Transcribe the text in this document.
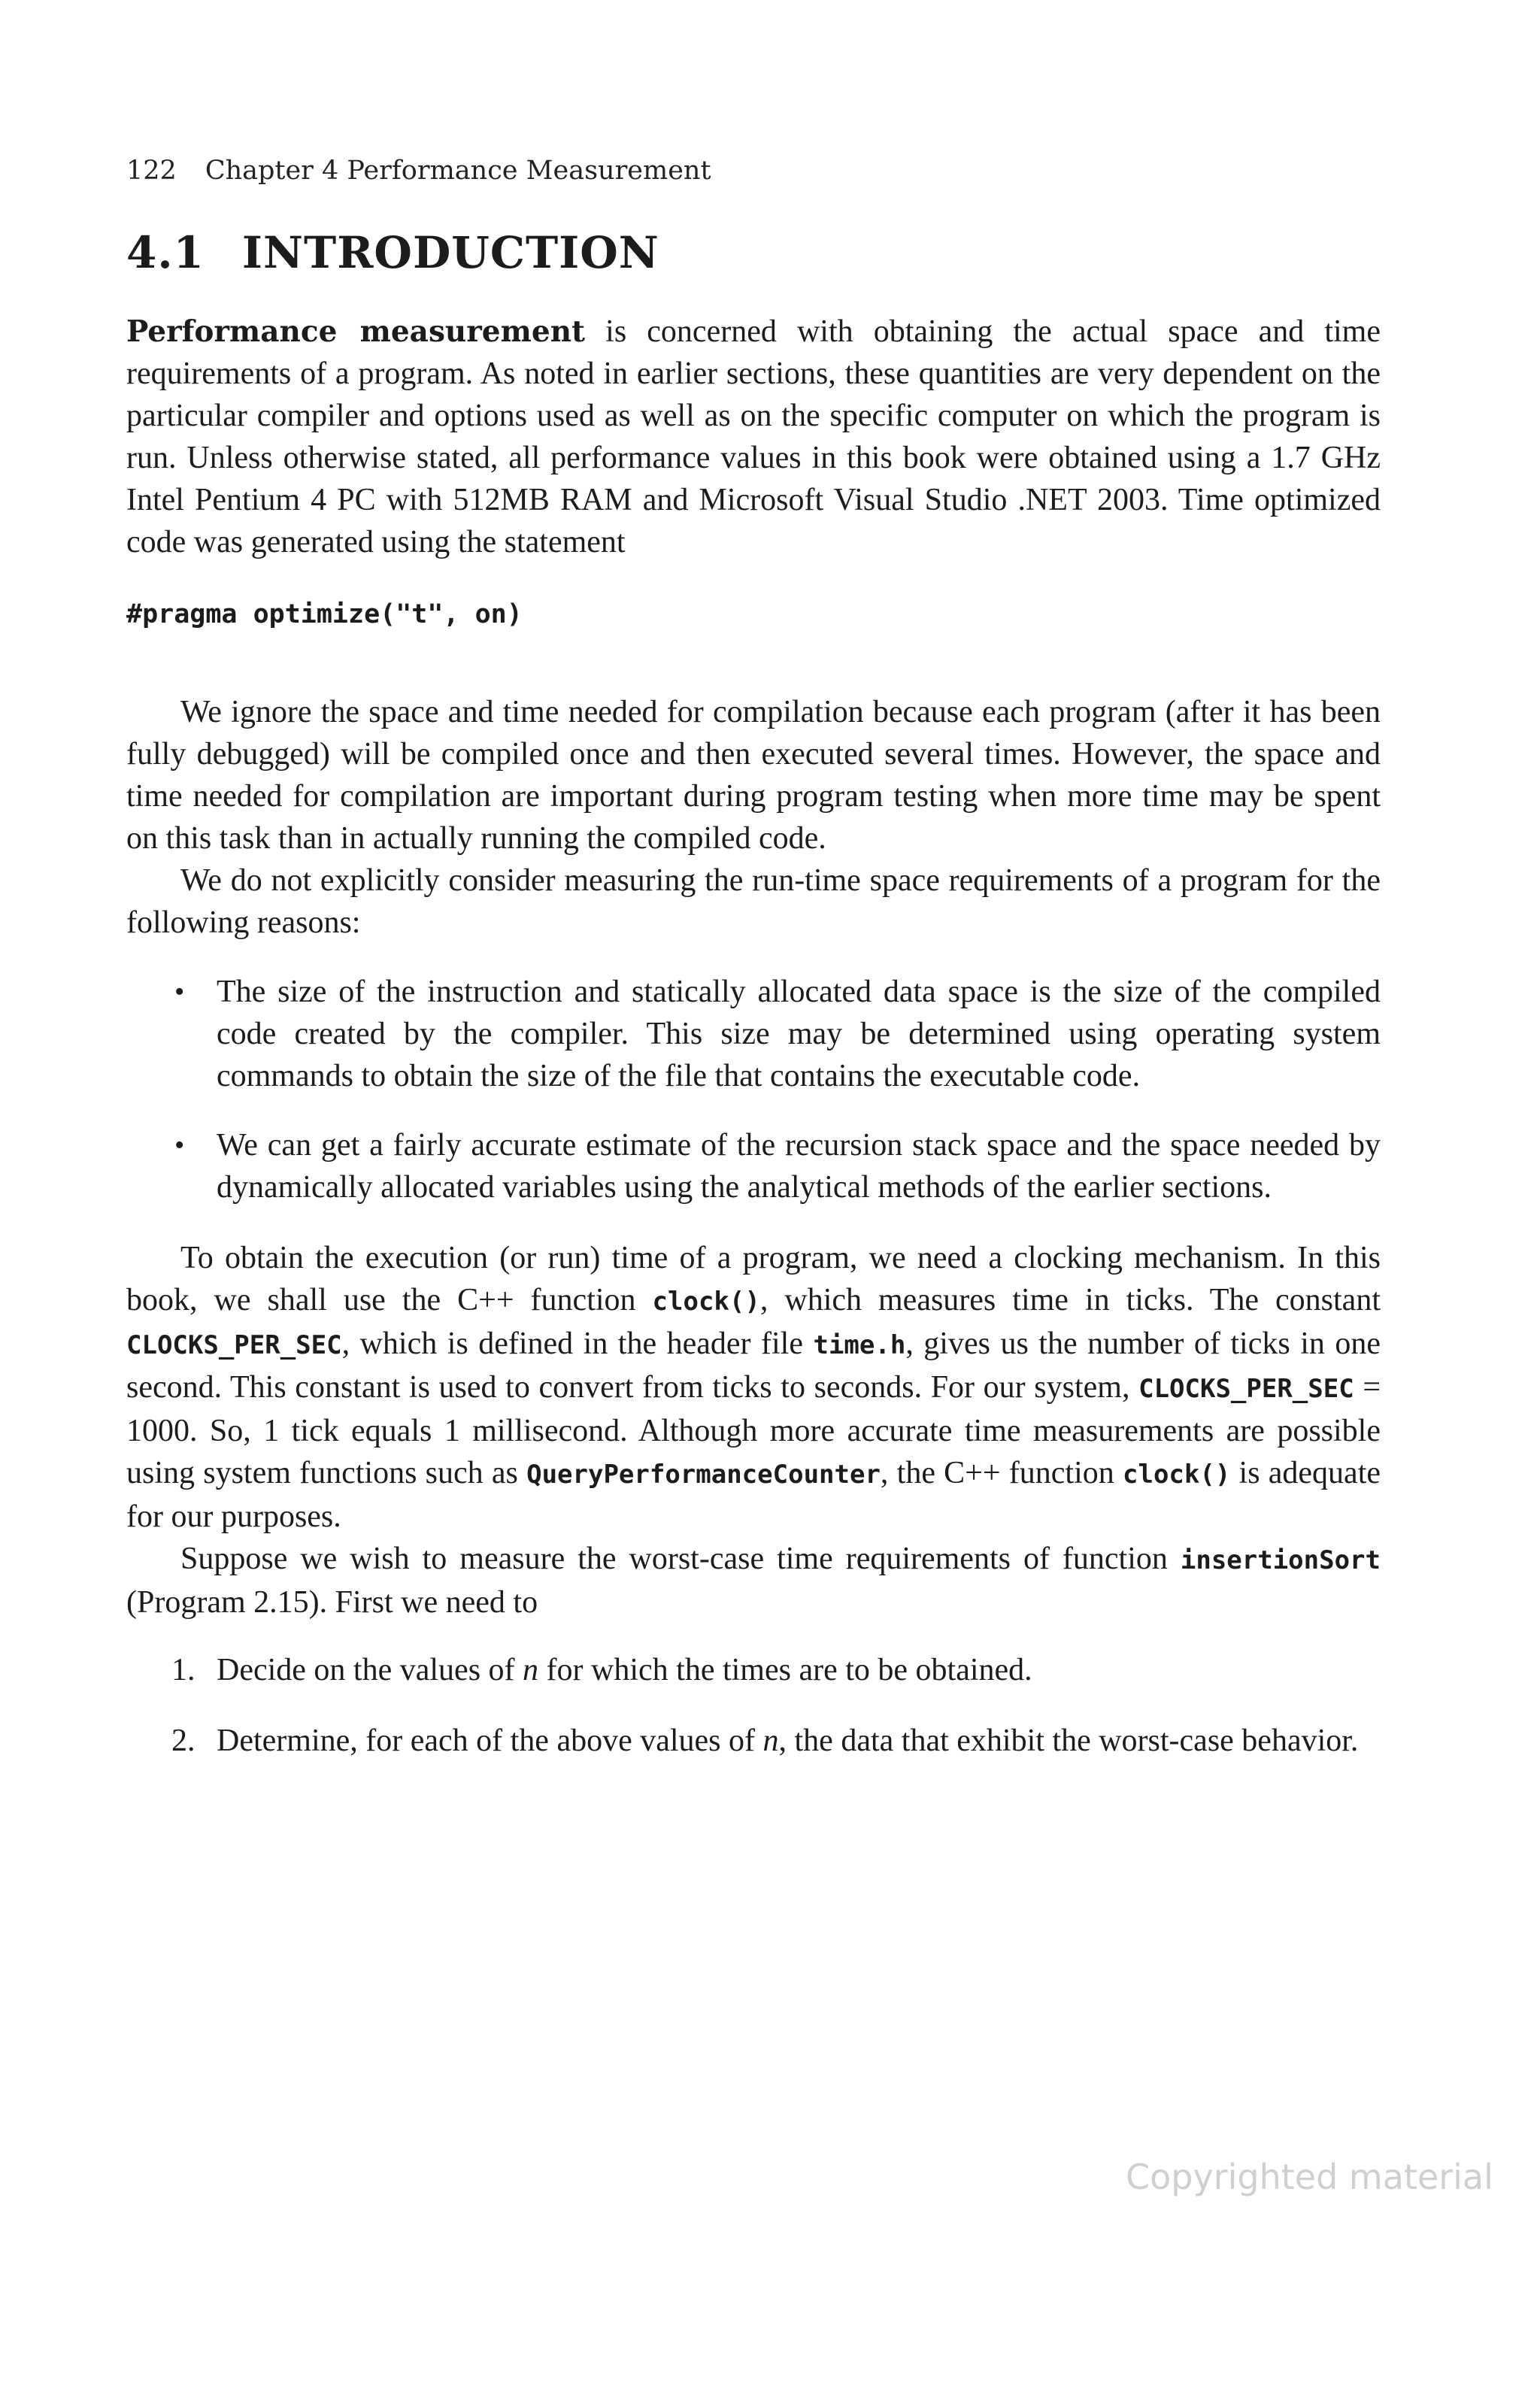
122 Chapter 4 Performance Measurement
4.1 INTRODUCTION

Performance measurement is concerned with obtaining the actual space and time requirements of a program. As noted in earlier sections, these quantities are very dependent on the particular compiler and options used as well as on the specific computer on which the program is run. Unless otherwise stated, all performance values in this book were obtained using a 1.7 GHz Intel Pentium 4 PC with 512MB RAM and Microsoft Visual Studio .NET 2003. Time optimized code was generated using the statement

#pragma optimize("t", on)

We ignore the space and time needed for compilation because each program (after it has been fully debugged) will be compiled once and then executed several times. However, the space and time needed for compilation are important during program testing when more time may be spent on this task than in actually running the compiled code.

We do not explicitly consider measuring the run-time space requirements of a program for the following reasons:

• The size of the instruction and statically allocated data space is the size of the compiled code created by the compiler. This size may be determined using operating system commands to obtain the size of the file that contains the executable code.
• We can get a fairly accurate estimate of the recursion stack space and the space needed by dynamically allocated variables using the analytical methods of the earlier sections.

To obtain the execution (or run) time of a program, we need a clocking mechanism. In this book, we shall use the C++ function clock(), which measures time in ticks. The constant CLOCKS_PER_SEC, which is defined in the header file time.h, gives us the number of ticks in one second. This constant is used to convert from ticks to seconds. For our system, CLOCKS_PER_SEC = 1000. So, 1 tick equals 1 millisecond. Although more accurate time measurements are possible using system functions such as QueryPerformanceCounter, the C++ function clock() is adequate for our purposes.

Suppose we wish to measure the worst-case time requirements of function insertionSort (Program 2.15). First we need to

1. Decide on the values of n for which the times are to be obtained.
2. Determine, for each of the above values of n, the data that exhibit the worst-case behavior.
Copyrighted material
